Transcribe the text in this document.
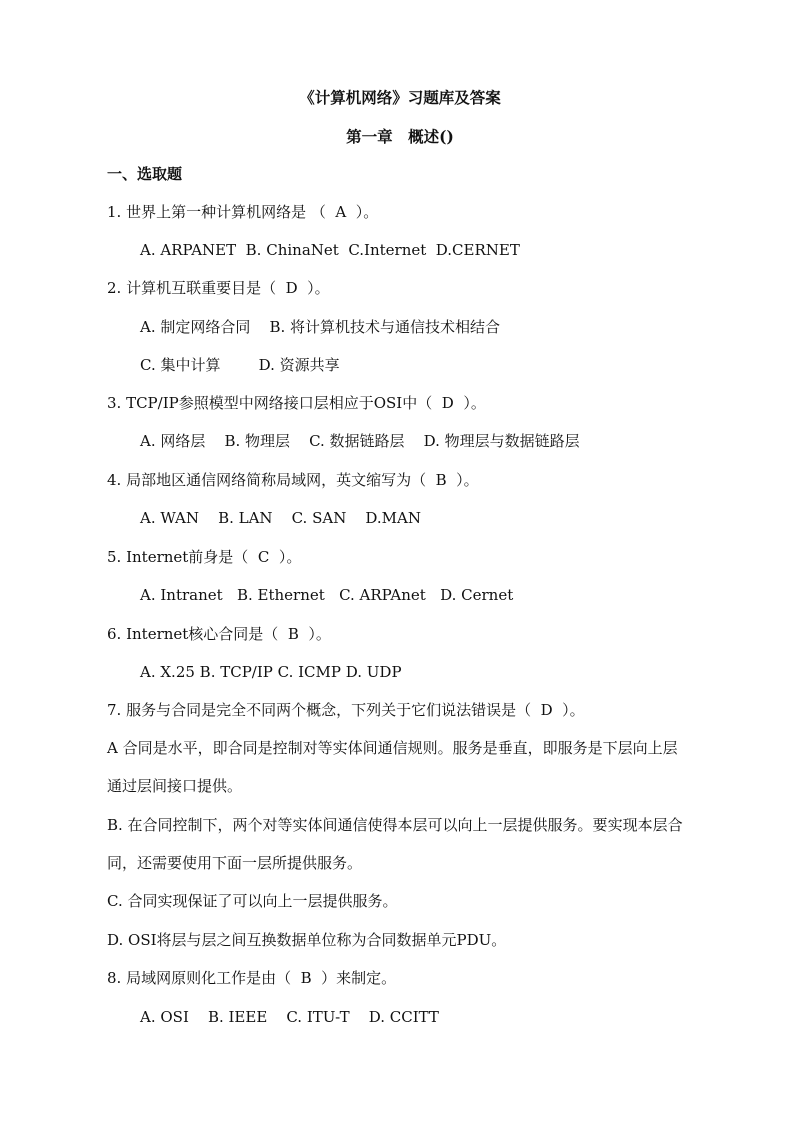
《计算机网络》习题库及答案
第一章　概述()
一、选取题
1. 世界上第一种计算机网络是 （  A  ）。
A. ARPANET  B. ChinaNet  C.Internet  D.CERNET
2. 计算机互联重要目是（  D  ）。
A. 制定网络合同    B. 将计算机技术与通信技术相结合
C. 集中计算        D. 资源共享
3. TCP/IP参照模型中网络接口层相应于OSI中（  D  ）。
A. 网络层    B. 物理层    C. 数据链路层    D. 物理层与数据链路层
4. 局部地区通信网络简称局域网，英文缩写为（  B  ）。
A. WAN    B. LAN    C. SAN    D.MAN
5. Internet前身是（  C  ）。
A. Intranet   B. Ethernet   C. ARPAnet   D. Cernet
6. Internet核心合同是（  B  ）。
A. X.25 B. TCP/IP C. ICMP D. UDP
7. 服务与合同是完全不同两个概念，下列关于它们说法错误是（  D  ）。
A 合同是水平，即合同是控制对等实体间通信规则。服务是垂直，即服务是下层向上层
通过层间接口提供。
B. 在合同控制下，两个对等实体间通信使得本层可以向上一层提供服务。要实现本层合
同，还需要使用下面一层所提供服务。
C. 合同实现保证了可以向上一层提供服务。
D. OSI将层与层之间互换数据单位称为合同数据单元PDU。
8. 局域网原则化工作是由（  B  ）来制定。
A. OSI    B. IEEE    C. ITU-T    D. CCITT
